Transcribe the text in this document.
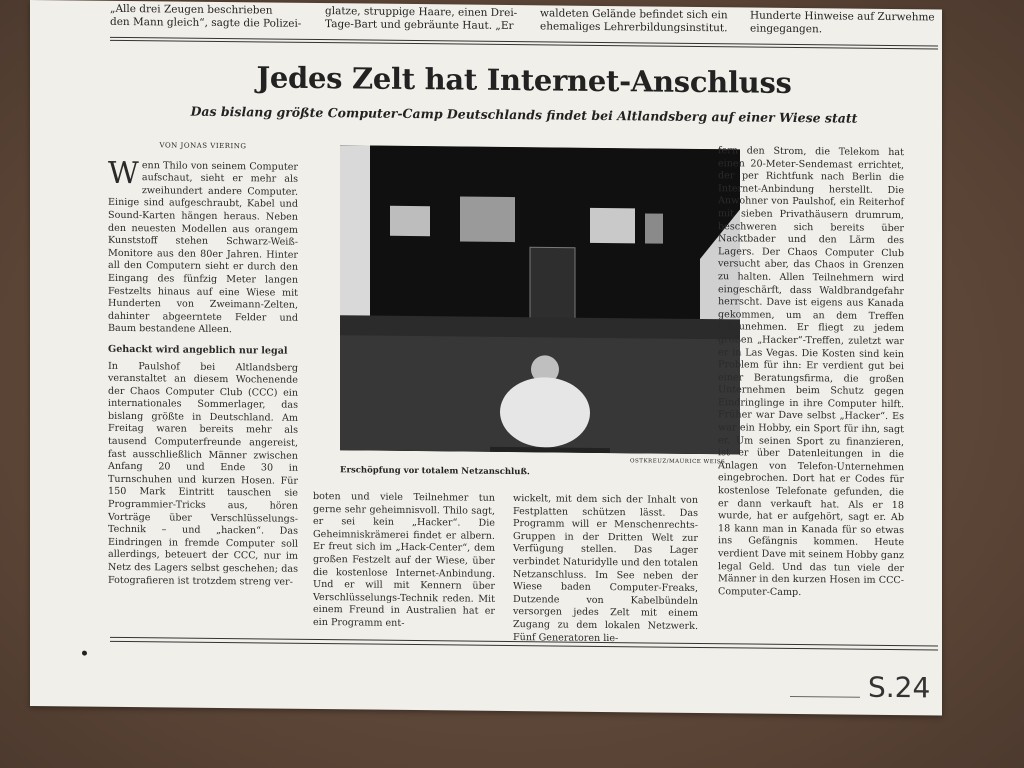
„Alle drei Zeugen beschrieben
den Mann gleich“, sagte die Polizei-
glatze, struppige Haare, einen Drei-
Tage-Bart und gebräunte Haut. „Er
waldeten Gelände befindet sich ein
ehemaliges Lehrerbildungsinstitut.
Hunderte Hinweise auf Zurwehme
eingegangen.
Jedes Zelt hat Internet-Anschluss
Das bislang größte Computer-Camp Deutschlands findet bei Altlandsberg auf einer Wiese statt
VON JONAS VIERING
W enn Thilo von seinem Computer aufschaut, sieht er mehr als zweihundert andere Computer. Einige sind aufgeschraubt, Kabel und Sound-Karten hängen heraus. Neben den neuesten Modellen aus orangem Kunststoff stehen Schwarz-Weiß-Monitore aus den 80er Jahren. Hinter all den Computern sieht er durch den Eingang des fünfzig Meter langen Festzelts hinaus auf eine Wiese mit Hunderten von Zweimann-Zelten, dahinter abgeerntete Felder und Baum bestandene Alleen.
Gehackt wird angeblich nur legal
In Paulshof bei Altlandsberg veranstaltet an diesem Wochenende der Chaos Computer Club (CCC) ein internationales Sommerlager, das bislang größte in Deutschland. Am Freitag waren bereits mehr als tausend Computerfreunde angereist, fast ausschließlich Männer zwischen Anfang 20 und Ende 30 in Turnschuhen und kurzen Hosen. Für 150 Mark Eintritt tauschen sie Programmier-Tricks aus, hören Vorträge über Verschlüsselungs-Technik – und „hacken“. Das Eindringen in fremde Computer soll allerdings, beteuert der CCC, nur im Netz des Lagers selbst geschehen; das Fotografieren ist trotzdem streng ver-
OSTKREUZ/MAURICE WEISS
Erschöpfung vor totalem Netzanschluß.
boten und viele Teilnehmer tun gerne sehr geheimnisvoll. Thilo sagt, er sei kein „Hacker“. Die Geheimniskrämerei findet er albern. Er freut sich im „Hack-Center“, dem großen Festzelt auf der Wiese, über die kostenlose Internet-Anbindung. Und er will mit Kennern über Verschlüsselungs-Technik reden. Mit einem Freund in Australien hat er ein Programm ent-
wickelt, mit dem sich der Inhalt von Festplatten schützen lässt. Das Programm will er Menschenrechts-Gruppen in der Dritten Welt zur Verfügung stellen. Das Lager verbindet Naturidylle und den totalen Netzanschluss. Im See neben der Wiese baden Computer-Freaks, Dutzende von Kabelbündeln versorgen jedes Zelt mit einem Zugang zu dem lokalen Netzwerk. Fünf Generatoren lie-
fern den Strom, die Telekom hat einen 20-Meter-Sendemast errichtet, der per Richtfunk nach Berlin die Internet-Anbindung herstellt. Die Anwohner von Paulshof, ein Reiterhof mit sieben Privathäusern drumrum, beschweren sich bereits über Nacktbader und den Lärm des Lagers. Der Chaos Computer Club versucht aber, das Chaos in Grenzen zu halten. Allen Teilnehmern wird eingeschärft, dass Waldbrandgefahr herrscht. Dave ist eigens aus Kanada gekommen, um an dem Treffen teilzunehmen. Er fliegt zu jedem großen „Hacker“-Treffen, zuletzt war er in Las Vegas. Die Kosten sind kein Problem für ihn: Er verdient gut bei einer Beratungsfirma, die großen Unternehmen beim Schutz gegen Eindringlinge in ihre Computer hilft. Früher war Dave selbst „Hacker“. Es war ein Hobby, ein Sport für ihn, sagt er. Um seinen Sport zu finanzieren, ist er über Datenleitungen in die Anlagen von Telefon-Unternehmen eingebrochen. Dort hat er Codes für kostenlose Telefonate gefunden, die er dann verkauft hat. Als er 18 wurde, hat er aufgehört, sagt er. Ab 18 kann man in Kanada für so etwas ins Gefängnis kommen. Heute verdient Dave mit seinem Hobby ganz legal Geld. Und das tun viele der Männer in den kurzen Hosen im CCC-Computer-Camp.
S.24
